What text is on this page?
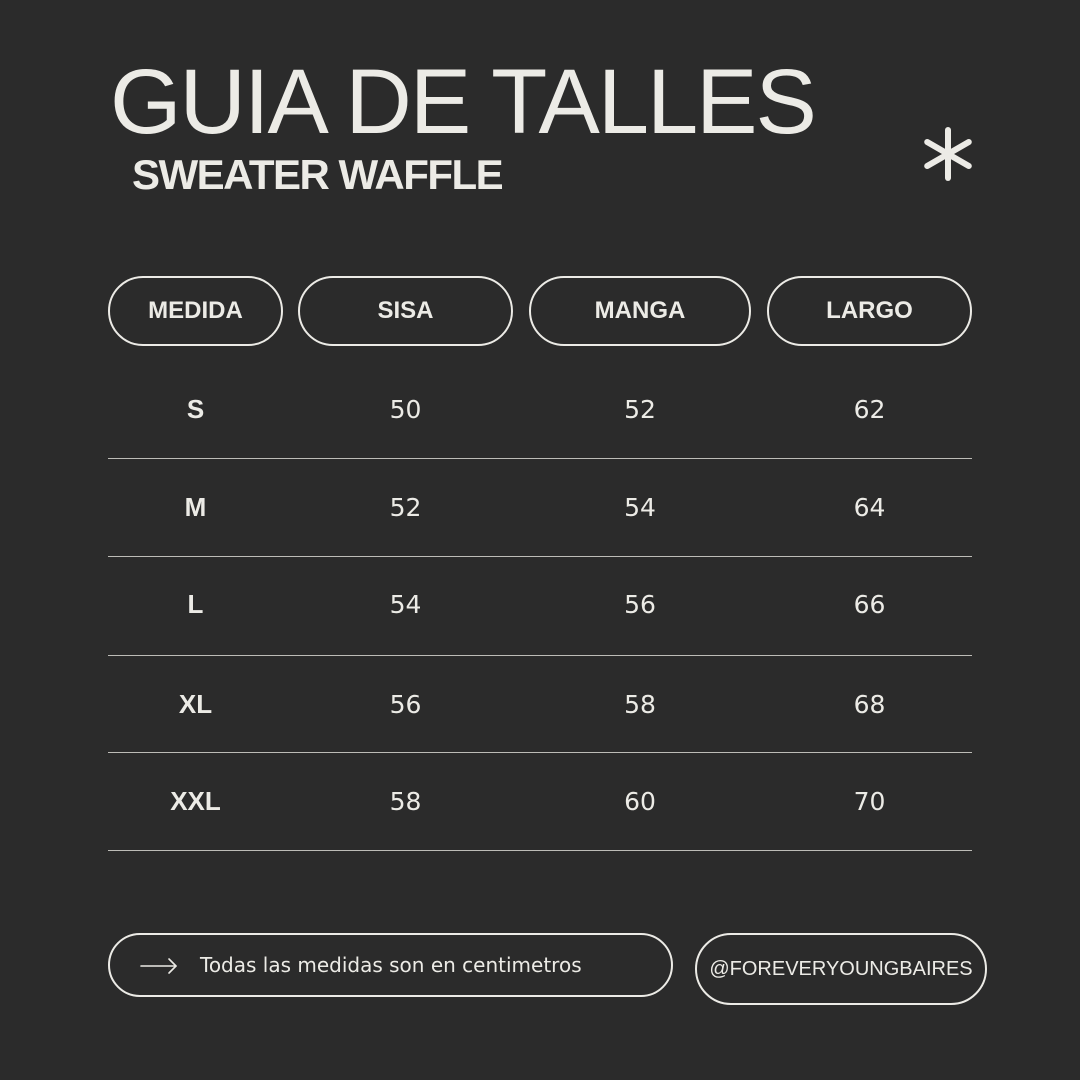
GUIA DE TALLES
SWEATER WAFFLE
MEDIDA	SISA	MANGA	LARGO
S	50	52	62
M	52	54	64
L	54	56	66
XL	56	58	68
XXL	58	60	70
Todas las medidas son en centimetros	@FOREVERYOUNGBAIRES
